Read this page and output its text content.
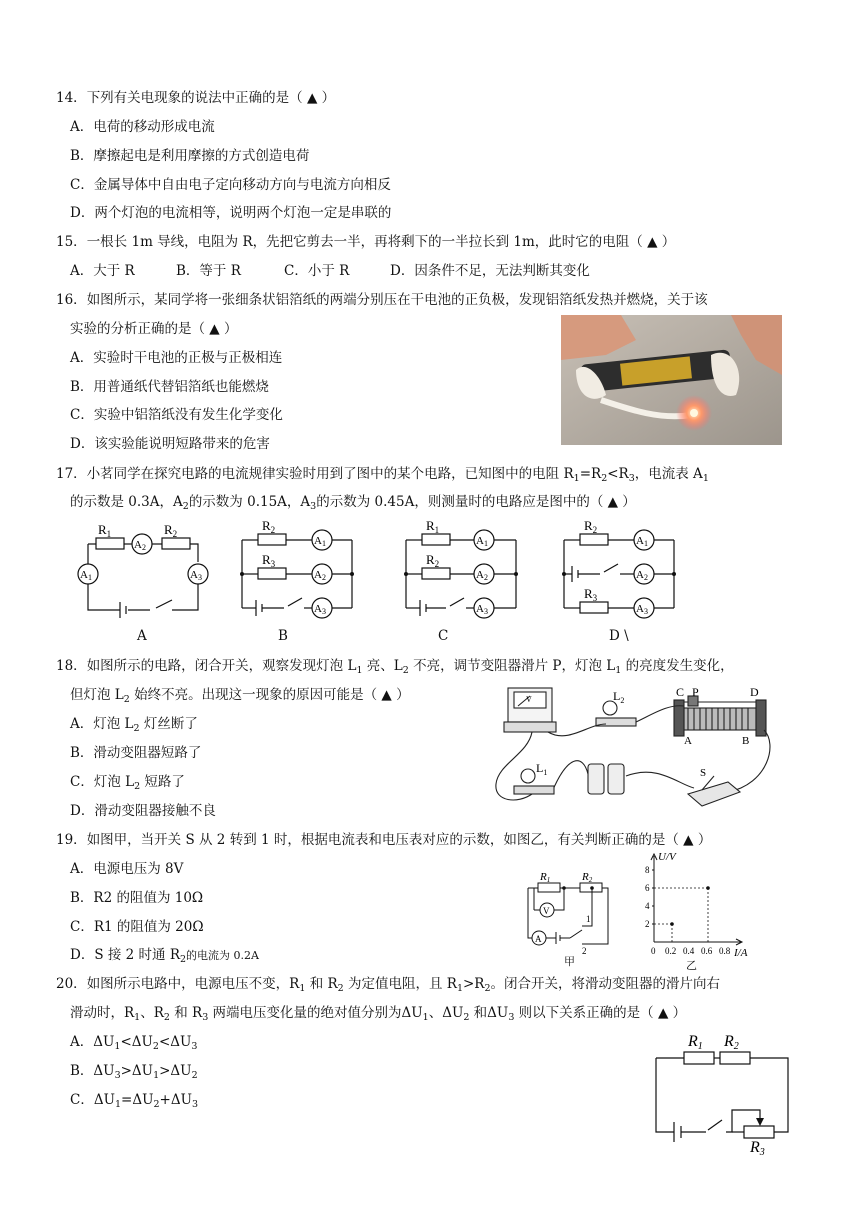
14．下列有关电现象的说法中正确的是（ ▲ ）
A．电荷的移动形成电流
B．摩擦起电是利用摩擦的方式创造电荷
C．金属导体中自由电子定向移动方向与电流方向相反
D．两个灯泡的电流相等，说明两个灯泡一定是串联的
15．一根长 1m 导线，电阻为 R，先把它剪去一半，再将剩下的一半拉长到 1m，此时它的电阻（ ▲ ）
A．大于 R	B．等于 R	C．小于 R	D．因条件不足，无法判断其变化
16．如图所示，某同学将一张细条状铝箔纸的两端分别压在干电池的正负极，发现铝箔纸发热并燃烧，关于该
实验的分析正确的是（ ▲ ）
A．实验时干电池的正极与正极相连
B．用普通纸代替铝箔纸也能燃烧
C．实验中铝箔纸没有发生化学变化
D．该实验能说明短路带来的危害
17．小茗同学在探究电路的电流规律实验时用到了图中的某个电路，已知图中的电阻 $R_1=R_2<R_3$，电流表 $A_1$
的示数是 0.3A，$A_2$的示数为 0.15A，$A_3$的示数为 0.45A，则测量时的电路应是图中的（ ▲ ）
$R_1$	$R_2$
A2
A1	A3
A
$R_2$
$R_3$
A1
A2
A3
B
$R_1$
$R_2$
A1
A2
A3
C
$R_2$
$R_3$
A1
A2
A3
D \
18．如图所示的电路，闭合开关，观察发现灯泡 $L_1$ 亮、$L_2$ 不亮，调节变阻器滑片 P，灯泡 $L_1$ 的亮度发生变化，
但灯泡 $L_2$ 始终不亮。出现这一现象的原因可能是（ ▲ ）
A．灯泡 $L_2$ 灯丝断了
B．滑动变阻器短路了
C．灯泡 $L_2$ 短路了
D．滑动变阻器接触不良
$L_2$
C P	D
A	B
$L_1$	S
V
19．如图甲，当开关 S 从 2 转到 1 时，根据电流表和电压表对应的示数，如图乙，有关判断正确的是（ ▲ ）
A．电源电压为 8V
B．R2 的阻值为 10Ω
C．R1 的阻值为 20Ω
D．S 接 2 时通 $R_2$的电流为 0.2A
R1	R2
A
V
1
2
甲
0 0.2 0.4 0.6 0.8
2
4
6
8
U/V
I/A
乙
20．如图所示电路中，电源电压不变，$R_1$ 和 $R_2$ 为定值电阻，且 $R_1>R_2$。闭合开关，将滑动变阻器的滑片向右
滑动时，$R_1$、$R_2$ 和 $R_3$ 两端电压变化量的绝对值分别为$\Delta U_1$、$\Delta U_2$ 和$\Delta U_3$ 则以下关系正确的是（ ▲ ）
A．$\Delta U_1<\Delta U_2<\Delta U_3$
B．$\Delta U_3>\Delta U_1>\Delta U_2$
C．$\Delta U_1=\Delta U_2+\Delta U_3$
R1 R2
R3
